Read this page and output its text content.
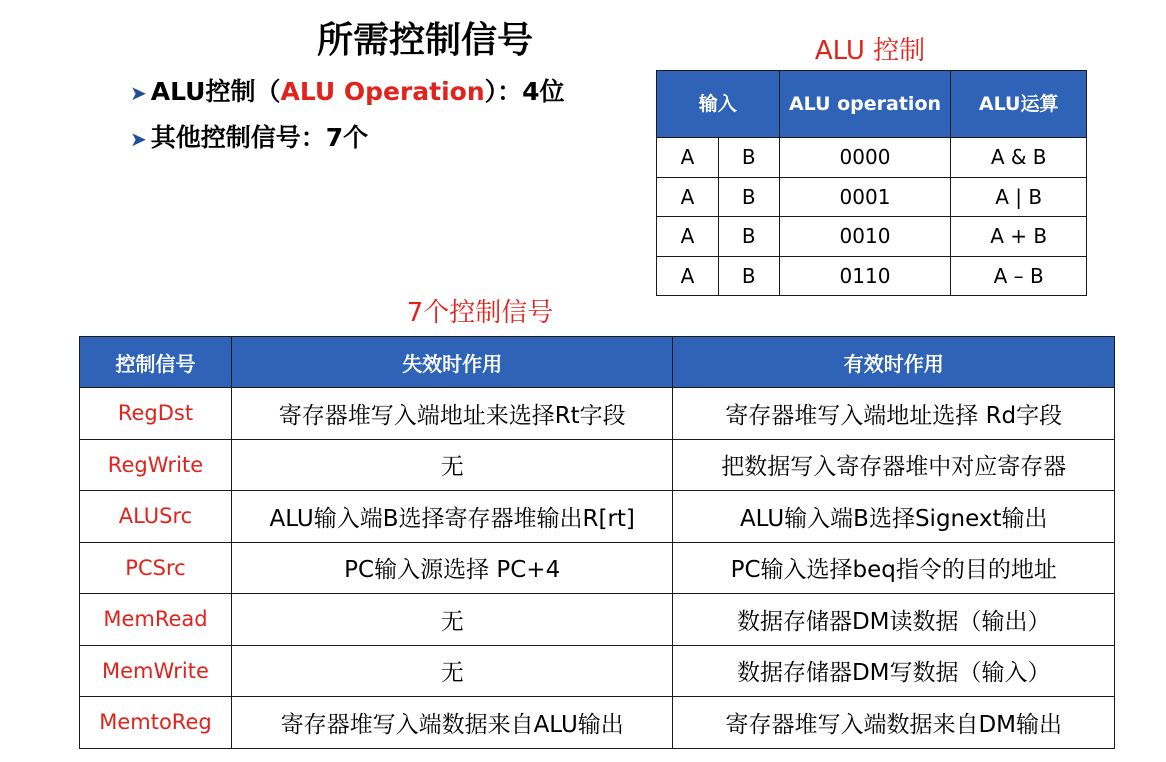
所需控制信号
➤ ALU控制（ALU Operation）：4位
➤ 其他控制信号：7个
ALU 控制
输入		ALU operation	ALU运算
A	B	0000	A & B
A	B	0001	A | B
A	B	0010	A + B
A	B	0110	A – B
7个控制信号
控制信号	失效时作用	有效时作用
RegDst	寄存器堆写入端地址来选择Rt字段	寄存器堆写入端地址选择 Rd字段
RegWrite	无	把数据写入寄存器堆中对应寄存器
ALUSrc	ALU输入端B选择寄存器堆输出R[rt]	ALU输入端B选择Signext输出
PCSrc	PC输入源选择 PC+4	PC输入选择beq指令的目的地址
MemRead	无	数据存储器DM读数据（输出）
MemWrite	无	数据存储器DM写数据（输入）
MemtoReg	寄存器堆写入端数据来自ALU输出	寄存器堆写入端数据来自DM输出
